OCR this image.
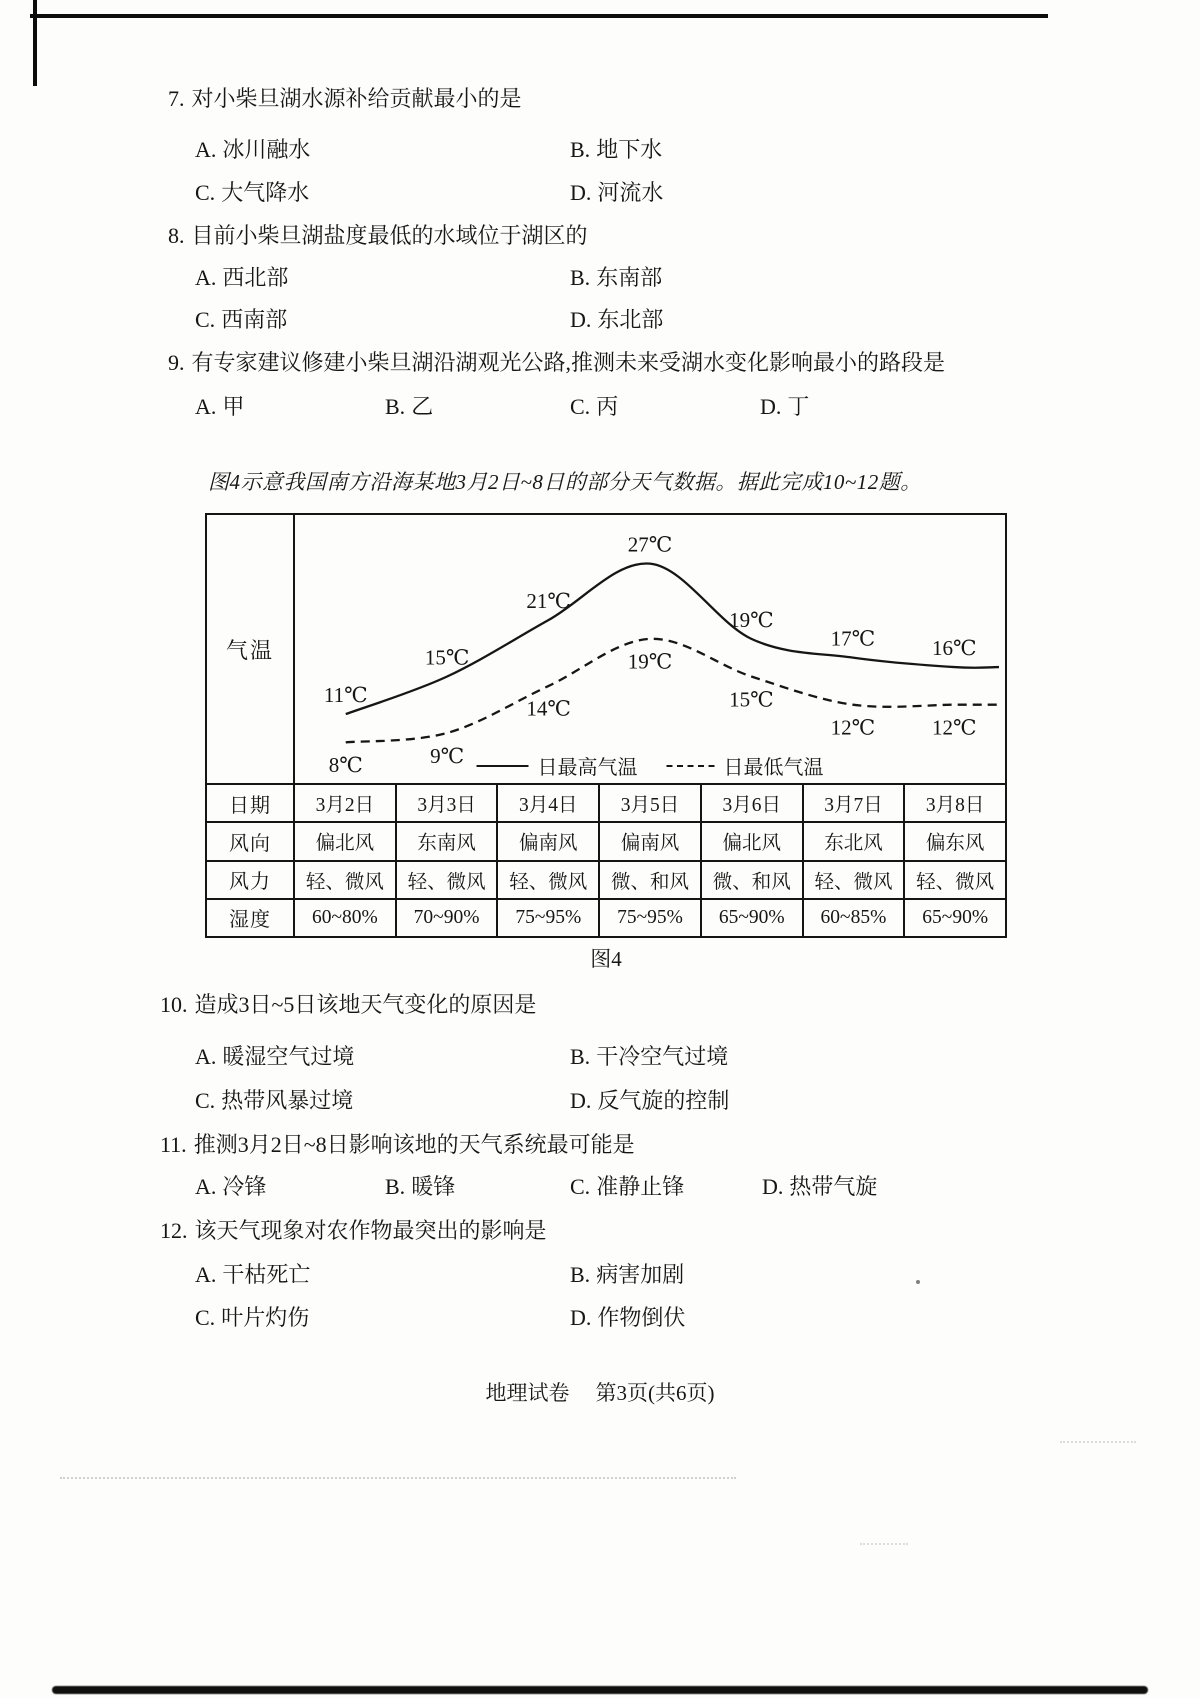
7. 对小柴旦湖水源补给贡献最小的是
A. 冰川融水	B. 地下水
C. 大气降水	D. 河流水
8. 目前小柴旦湖盐度最低的水域位于湖区的
A. 西北部	B. 东南部
C. 西南部	D. 东北部
9. 有专家建议修建小柴旦湖沿湖观光公路,推测未来受湖水变化影响最小的路段是
A. 甲	B. 乙	C. 丙	D. 丁
图4示意我国南方沿海某地3月2日~8日的部分天气数据。据此完成10~12题。
气温
11℃
15℃
21℃
27℃
19℃
17℃	16℃
8℃	9℃
14℃
19℃
15℃
12℃	12℃
日最高气温	日最低气温
日期	3月2日	3月3日	3月4日	3月5日	3月6日	3月7日	3月8日
风向	偏北风	东南风	偏南风	偏南风	偏北风	东北风	偏东风
风力	轻、微风	轻、微风	轻、微风	微、和风	微、和风	轻、微风	轻、微风
湿度	60~80%	70~90%	75~95%	75~95%	65~90%	60~85%	65~90%
图4
10. 造成3日~5日该地天气变化的原因是
A. 暖湿空气过境	B. 干冷空气过境
C. 热带风暴过境	D. 反气旋的控制
11. 推测3月2日~8日影响该地的天气系统最可能是
A. 冷锋	B. 暖锋	C. 准静止锋	D. 热带气旋
12. 该天气现象对农作物最突出的影响是
A. 干枯死亡	B. 病害加剧
C. 叶片灼伤	D. 作物倒伏
地理试卷 第3页(共6页)
